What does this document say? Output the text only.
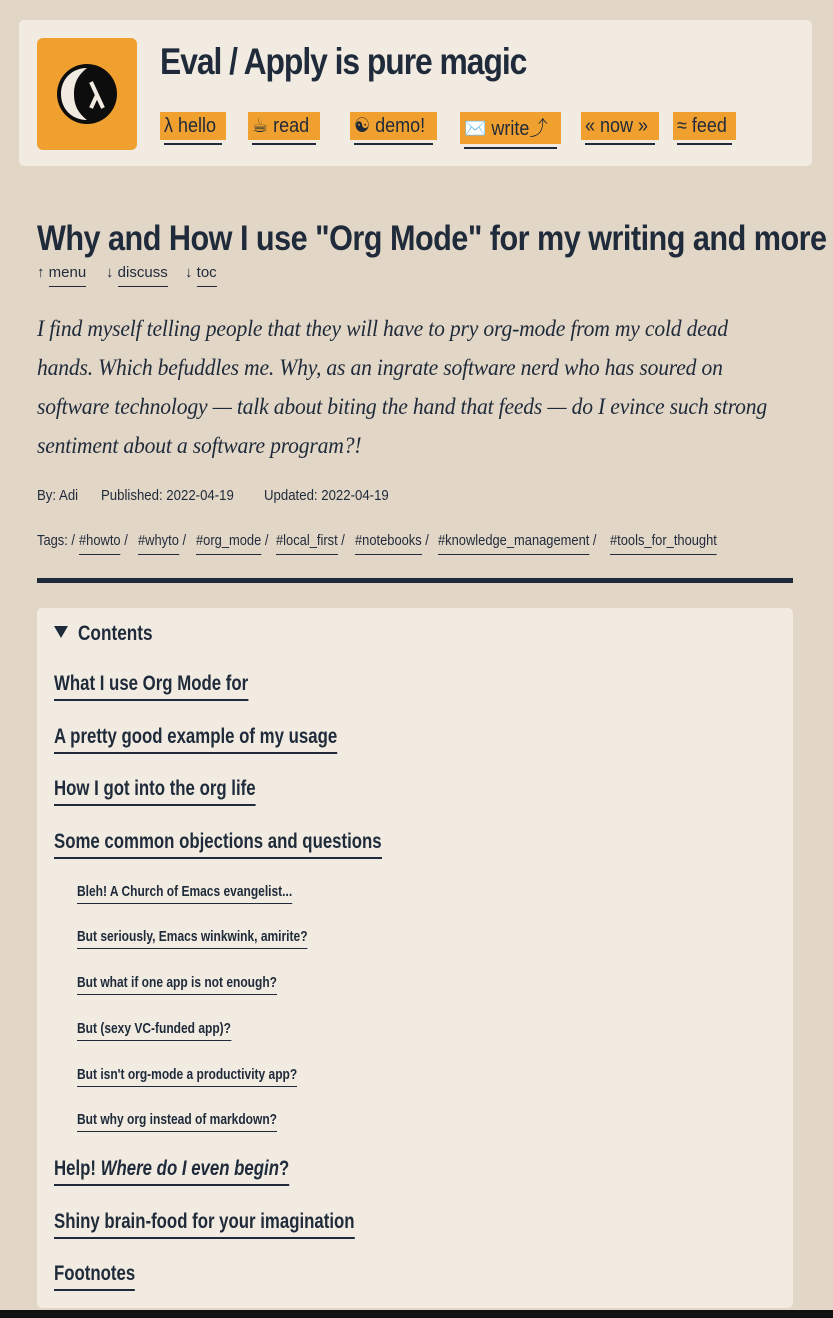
Eval / Apply is pure magic
λ hello	☕︎ read	☯ demo!	✉️ write⤴	« now »	≈ feed
Why and How I use "Org Mode" for my writing and more
↑ menu ↓ discuss ↓ toc

I find myself telling people that they will have to pry org-mode from my cold dead

hands. Which befuddles me. Why, as an ingrate software nerd who has soured on

software technology — talk about biting the hand that feeds — do I evince such strong

sentiment about a software program?!

By: Adi Published: 2022-04-19 Updated: 2022-04-19
Tags: / #howto / #whyto / #org_mode / #local_first / #notebooks / #knowledge_management / #tools_for_thought
Contents
What I use Org Mode for
A pretty good example of my usage
How I got into the org life
Some common objections and questions
Bleh! A Church of Emacs evangelist...
But seriously, Emacs winkwink, amirite?
But what if one app is not enough?
But (sexy VC-funded app)?
But isn't org-mode a productivity app?
But why org instead of markdown?
Help! Where do I even begin?
Shiny brain-food for your imagination
Footnotes
